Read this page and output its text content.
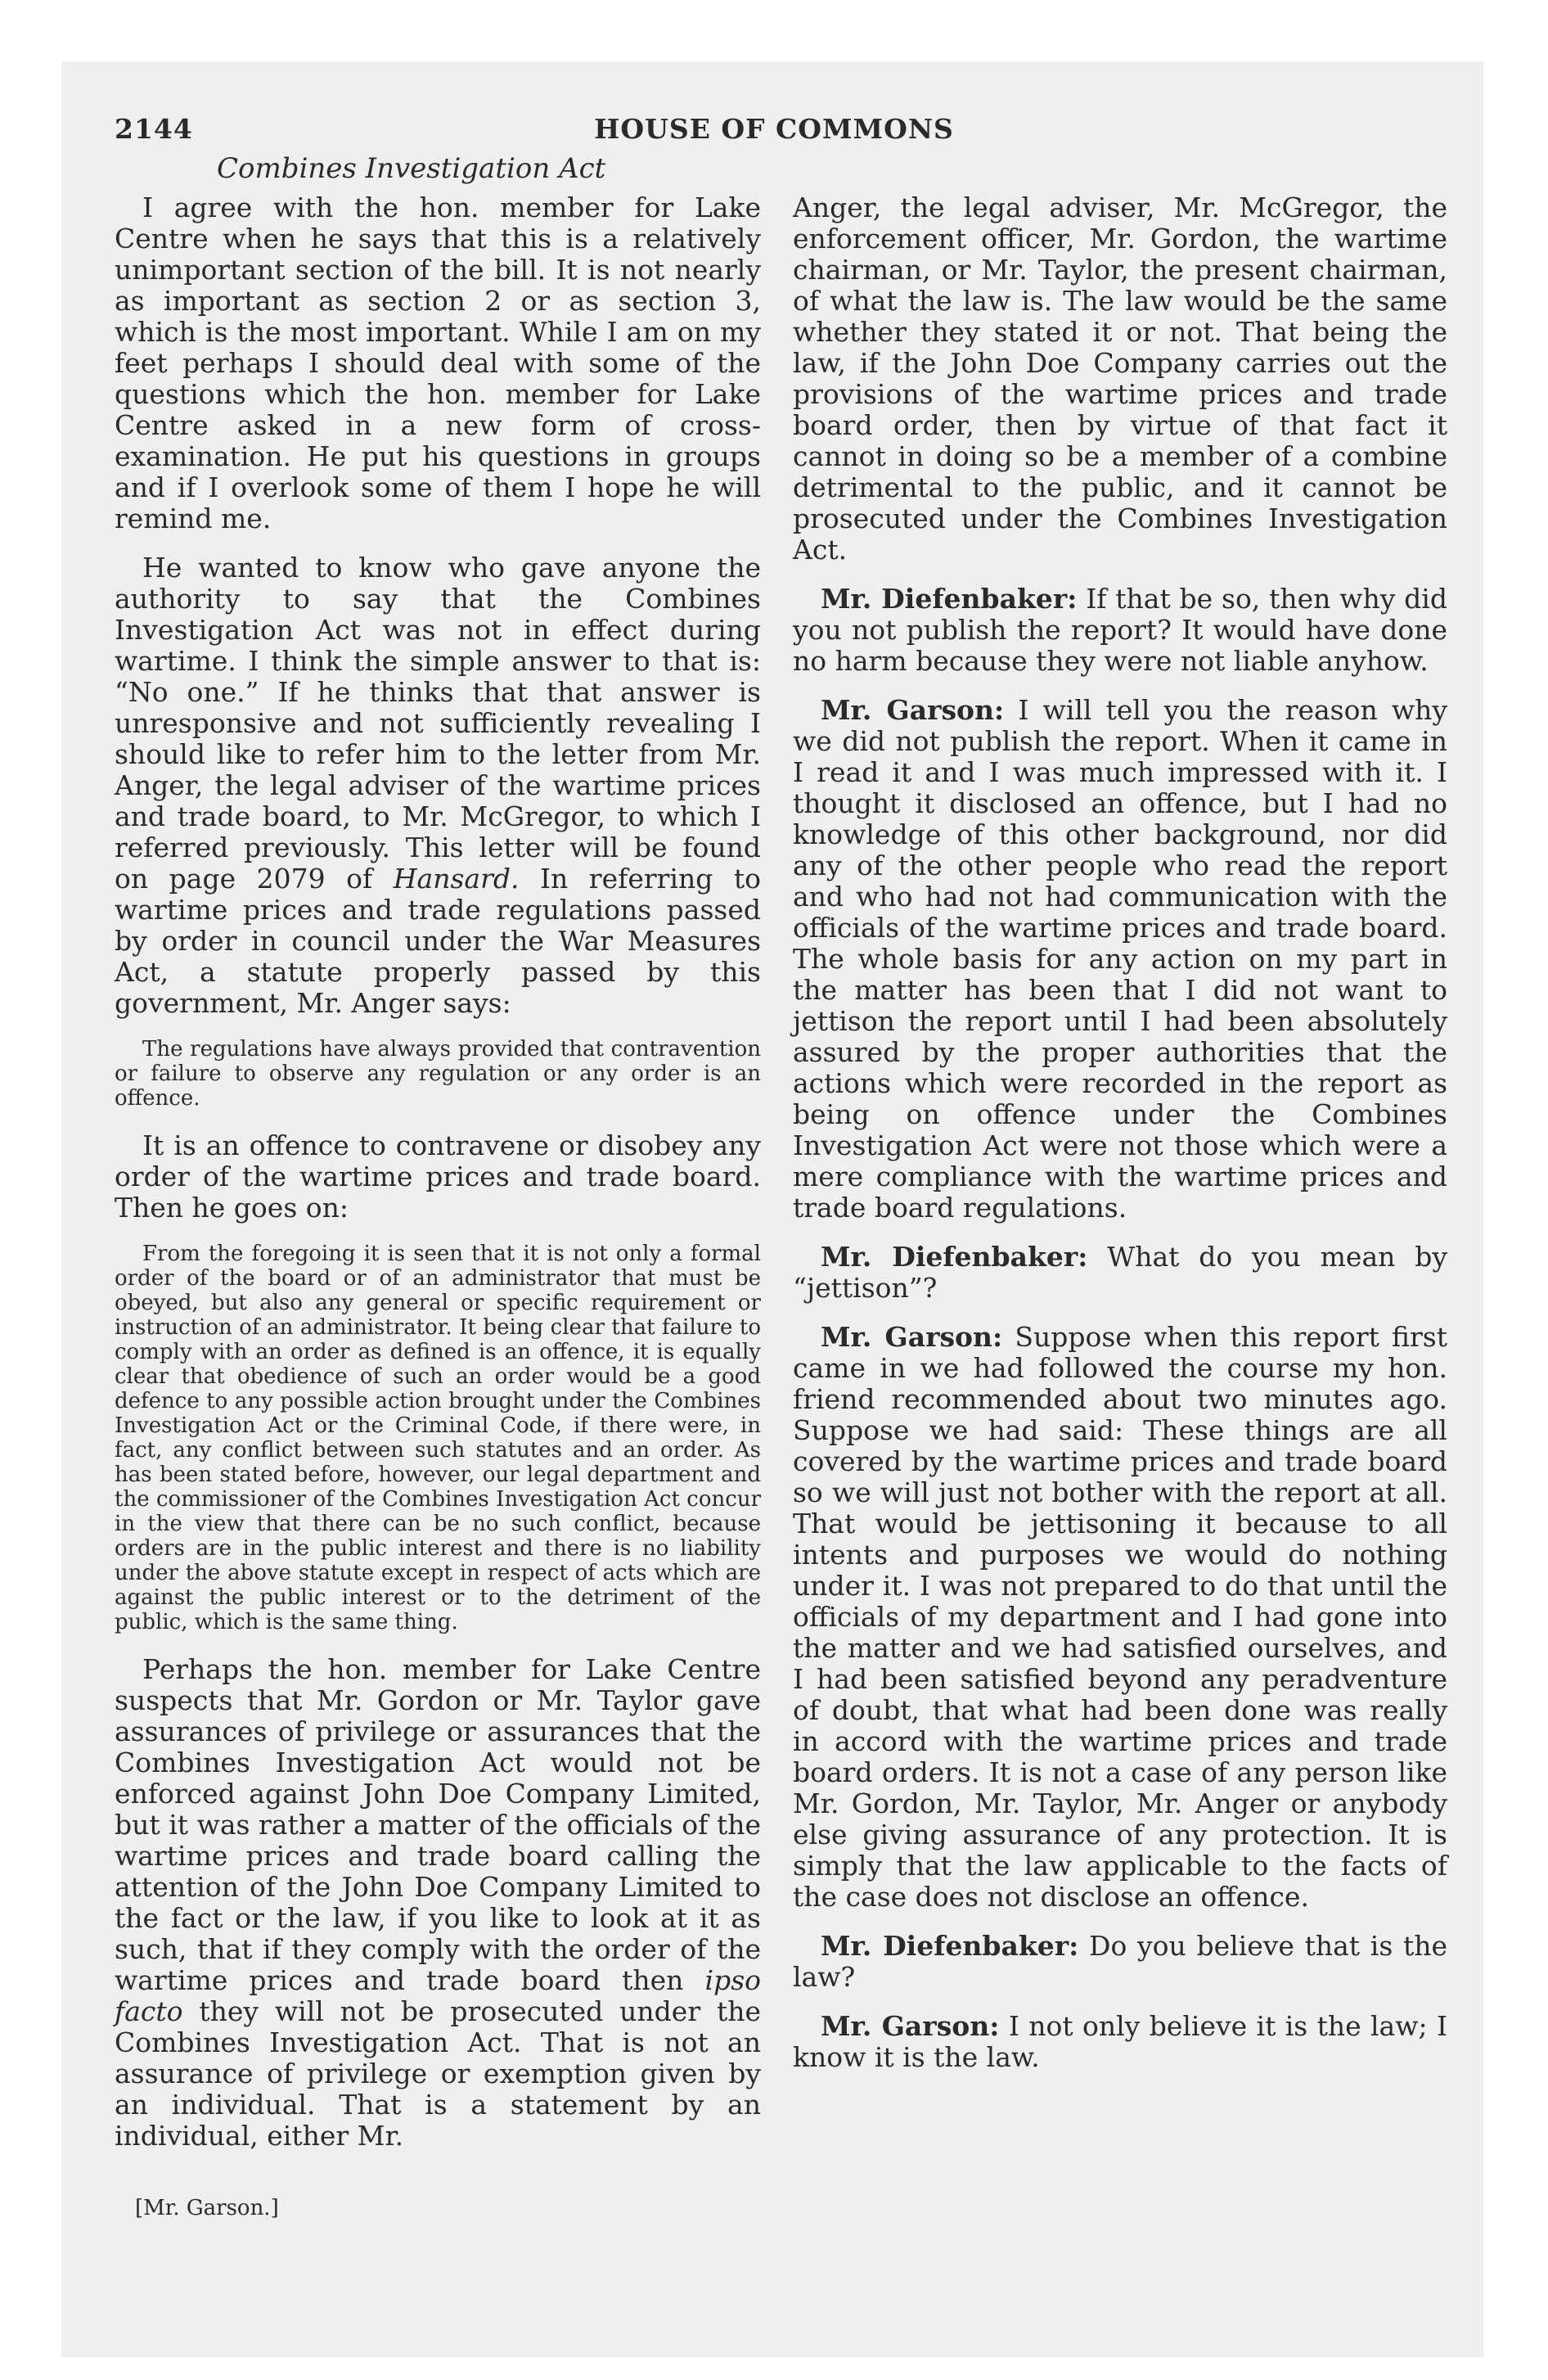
2144	HOUSE OF COMMONS

Combines Investigation Act

I agree with the hon. member for Lake Centre when he says that this is a relatively unimportant section of the bill. It is not nearly as important as section 2 or as section 3, which is the most important. While I am on my feet perhaps I should deal with some of the questions which the hon. member for Lake Centre asked in a new form of cross-examination. He put his questions in groups and if I overlook some of them I hope he will remind me.

He wanted to know who gave anyone the authority to say that the Combines Investigation Act was not in effect during wartime. I think the simple answer to that is: “No one.” If he thinks that that answer is unresponsive and not sufficiently revealing I should like to refer him to the letter from Mr. Anger, the legal adviser of the wartime prices and trade board, to Mr. McGregor, to which I referred previously. This letter will be found on page 2079 of Hansard. In referring to wartime prices and trade regulations passed by order in council under the War Measures Act, a statute properly passed by this government, Mr. Anger says:

The regulations have always provided that contravention or failure to observe any regulation or any order is an offence.

It is an offence to contravene or disobey any order of the wartime prices and trade board. Then he goes on:

From the foregoing it is seen that it is not only a formal order of the board or of an administrator that must be obeyed, but also any general or specific requirement or instruction of an administrator. It being clear that failure to comply with an order as defined is an offence, it is equally clear that obedience of such an order would be a good defence to any possible action brought under the Combines Investigation Act or the Criminal Code, if there were, in fact, any conflict between such statutes and an order. As has been stated before, however, our legal department and the commissioner of the Combines Investigation Act concur in the view that there can be no such conflict, because orders are in the public interest and there is no liability under the above statute except in respect of acts which are against the public interest or to the detriment of the public, which is the same thing.

Perhaps the hon. member for Lake Centre suspects that Mr. Gordon or Mr. Taylor gave assurances of privilege or assurances that the Combines Investigation Act would not be enforced against John Doe Company Limited, but it was rather a matter of the officials of the wartime prices and trade board calling the attention of the John Doe Company Limited to the fact or the law, if you like to look at it as such, that if they comply with the order of the wartime prices and trade board then ipso facto they will not be prosecuted under the Combines Investigation Act. That is not an assurance of privilege or exemption given by an individual. That is a statement by an individual, either Mr.

Anger, the legal adviser, Mr. McGregor, the enforcement officer, Mr. Gordon, the wartime chairman, or Mr. Taylor, the present chairman, of what the law is. The law would be the same whether they stated it or not. That being the law, if the John Doe Company carries out the provisions of the wartime prices and trade board order, then by virtue of that fact it cannot in doing so be a member of a combine detrimental to the public, and it cannot be prosecuted under the Combines Investigation Act.

Mr. Diefenbaker: If that be so, then why did you not publish the report? It would have done no harm because they were not liable anyhow.

Mr. Garson: I will tell you the reason why we did not publish the report. When it came in I read it and I was much impressed with it. I thought it disclosed an offence, but I had no knowledge of this other background, nor did any of the other people who read the report and who had not had communication with the officials of the wartime prices and trade board. The whole basis for any action on my part in the matter has been that I did not want to jettison the report until I had been absolutely assured by the proper authorities that the actions which were recorded in the report as being on offence under the Combines Investigation Act were not those which were a mere compliance with the wartime prices and trade board regulations.

Mr. Diefenbaker: What do you mean by “jettison”?

Mr. Garson: Suppose when this report first came in we had followed the course my hon. friend recommended about two minutes ago. Suppose we had said: These things are all covered by the wartime prices and trade board so we will just not bother with the report at all. That would be jettisoning it because to all intents and purposes we would do nothing under it. I was not prepared to do that until the officials of my department and I had gone into the matter and we had satisfied ourselves, and I had been satisfied beyond any peradventure of doubt, that what had been done was really in accord with the wartime prices and trade board orders. It is not a case of any person like Mr. Gordon, Mr. Taylor, Mr. Anger or anybody else giving assurance of any protection. It is simply that the law applicable to the facts of the case does not disclose an offence.

Mr. Diefenbaker: Do you believe that is the law?

Mr. Garson: I not only believe it is the law; I know it is the law.

[Mr. Garson.]
